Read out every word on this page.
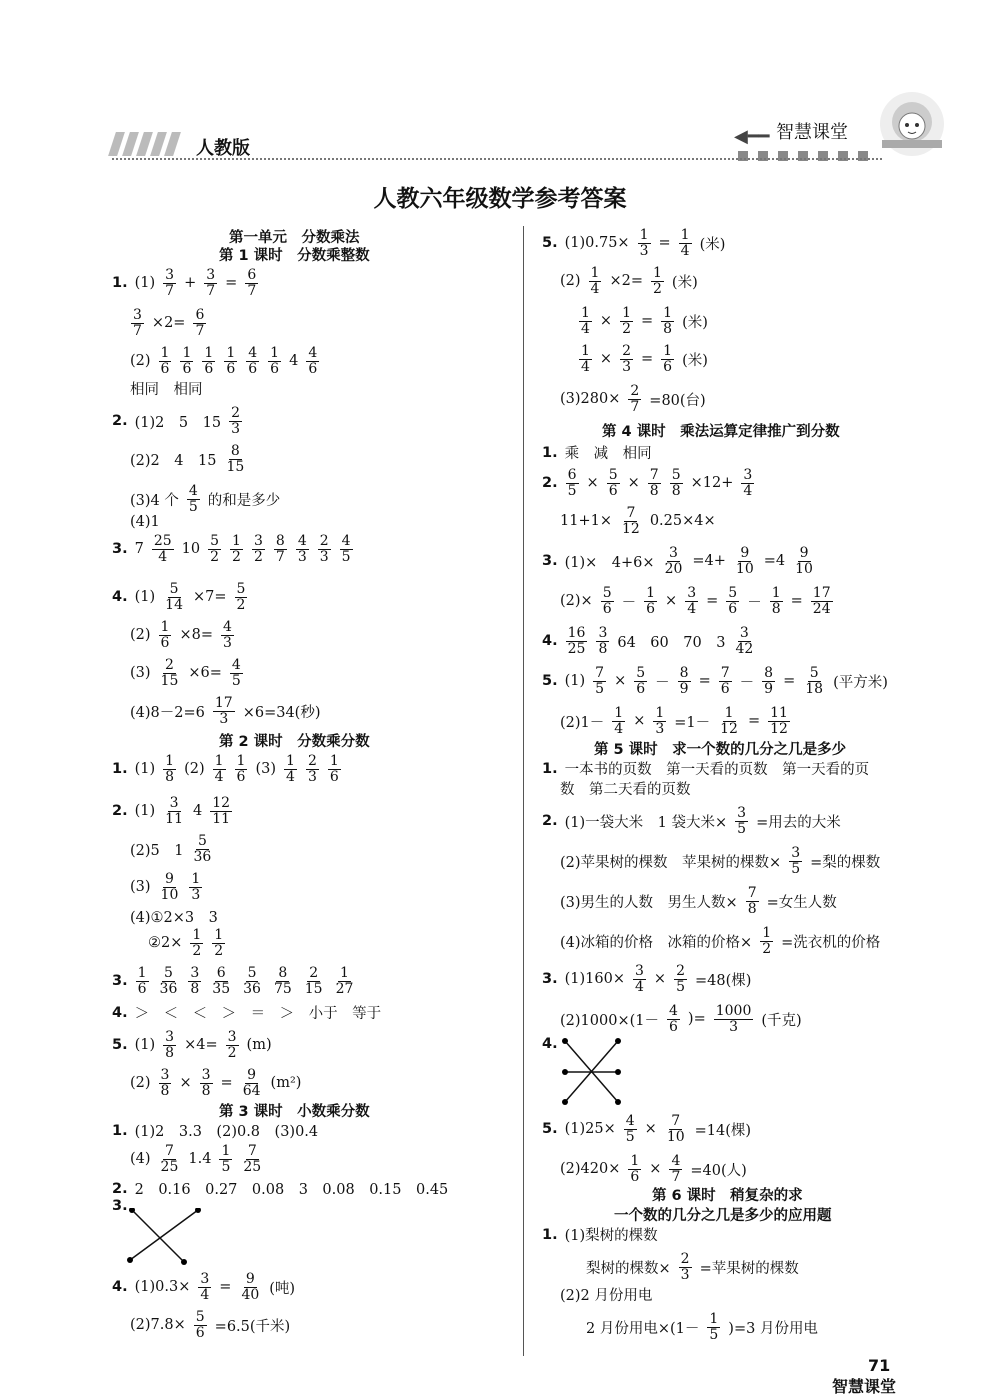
人教版
◀━━ 智慧课堂
人教六年级数学参考答案
第一单元　分数乘法
第 1 课时　分数乘整数
1. $(1) \frac{3}{7} + \frac{3}{7} = \frac{6}{7}$
$\frac{3}{7} \times 2= \frac{6}{7}$
$(2) \frac{1}{6} \frac{1}{6} \frac{1}{6} \frac{1}{6} \frac{4}{6} \frac{1}{6} 4 \frac{4}{6}$
相同　相同
2. (1)2　5　$15 \frac{2}{3}$
(2)2　4　$15 \frac{8}{15}$
(3)4 个 $\frac{4}{5}$ 的和是多少
(4)1
3. $7 \frac{25}{4} 10 \frac{5}{2} \frac{1}{2} \frac{3}{2} \frac{8}{7} \frac{4}{3} \frac{2}{3} \frac{4}{5}$
4. $(1) \frac{5}{14} \times 7= \frac{5}{2}$
$(2) \frac{1}{6} \times 8= \frac{4}{3}$
$(3) \frac{2}{15} \times 6= \frac{4}{5}$
$(4)8-2=6 \frac{17}{3} \times 6=34$(秒)
第 2 课时　分数乘分数
1. $(1) \frac{1}{8} (2) \frac{1}{4} \frac{1}{6} (3) \frac{1}{4} \frac{2}{3} \frac{1}{6}$
2. $(1) \frac{3}{11} 4 \frac{12}{11}$
(2)5　$1 \frac{5}{36}$
$(3) \frac{9}{10} \frac{1}{3}$
(4)①2×3　3
②2× $\frac{1}{2} \frac{1}{2}$
3. $\frac{1}{6} \frac{5}{36} \frac{3}{8} \frac{6}{35} \frac{5}{36} \frac{8}{75} \frac{2}{15} \frac{1}{27}$
4. ＞　＜　＜　＞　＝　＞　小于　等于
5. $(1) \frac{3}{8} \times 4= \frac{3}{2} (m)$
$(2) \frac{3}{8} \times \frac{3}{8} = \frac{9}{64} (m^2)$
第 3 课时　小数乘分数
1. (1)2　3.3　(2)0.8　(3)0.4
$(4) \frac{7}{25} 1.4 \frac{1}{5} \frac{7}{25}$
2. 2　0.16　0.27　0.08　3　0.08　0.15　0.45
3.
4. $(1)0.3\times \frac{3}{4} = \frac{9}{40}$ (吨)
$(2)7.8\times \frac{5}{6} =6.5$(千米)
5. $(1)0.75\times \frac{1}{3} = \frac{1}{4}$ (米)
$(2) \frac{1}{4} \times 2= \frac{1}{2}$ (米)
$\frac{1}{4} \times \frac{1}{2} = \frac{1}{8}$ (米)
$\frac{1}{4} \times \frac{2}{3} = \frac{1}{6}$ (米)
$(3)280\times \frac{2}{7} =80$(台)
第 4 课时　乘法运算定律推广到分数
1. 乘　减　相同
2. $\frac{6}{5} \times \frac{5}{6} \times \frac{7}{8} \frac{5}{8} \times 12+ \frac{3}{4}$
$11+1\times \frac{7}{12} 0.25\times 4\times$
3. (1)×　$4+6\times \frac{3}{20} =4+ \frac{9}{10} =4 \frac{9}{10}$
$(2)\times \frac{5}{6} - \frac{1}{6} \times \frac{3}{4} = \frac{5}{6} - \frac{1}{8} = \frac{17}{24}$
4. $\frac{16}{25} \frac{3}{8} 64$　60　70　$3 \frac{3}{42}$
5. $(1) \frac{7}{5} \times \frac{5}{6} - \frac{8}{9} = \frac{7}{6} - \frac{8}{9} = \frac{5}{18}$ (平方米)
$(2)1- \frac{1}{4} \times \frac{1}{3} =1- \frac{1}{12} = \frac{11}{12}$
第 5 课时　求一个数的几分之几是多少
1. 一本书的页数　第一天看的页数　第一天看的页
数　第二天看的页数
2. (1)一袋大米　1 袋大米× $\frac{3}{5}$ =用去的大米
(2)苹果树的棵数　苹果树的棵数× $\frac{3}{5}$ =梨的棵数
(3)男生的人数　男生人数× $\frac{7}{8}$ =女生人数
(4)冰箱的价格　冰箱的价格× $\frac{1}{2}$ =洗衣机的价格
3. $(1)160\times \frac{3}{4} \times \frac{2}{5} =48$(棵)
$(2)1000\times(1- \frac{4}{6}$ )= $\frac{1000}{3}$ (千克)
4.
5. $(1)25\times \frac{4}{5} \times \frac{7}{10} =14$(棵)
$(2)420\times \frac{1}{6} \times \frac{4}{7} =40$(人)
第 6 课时　稍复杂的求
一个数的几分之几是多少的应用题
1. (1)梨树的棵数
梨树的棵数× $\frac{2}{3}$ =苹果树的棵数
(2)2 月份用电
2 月份用电$\times(1- \frac{1}{5} )=3$ 月份用电
71
智慧课堂
